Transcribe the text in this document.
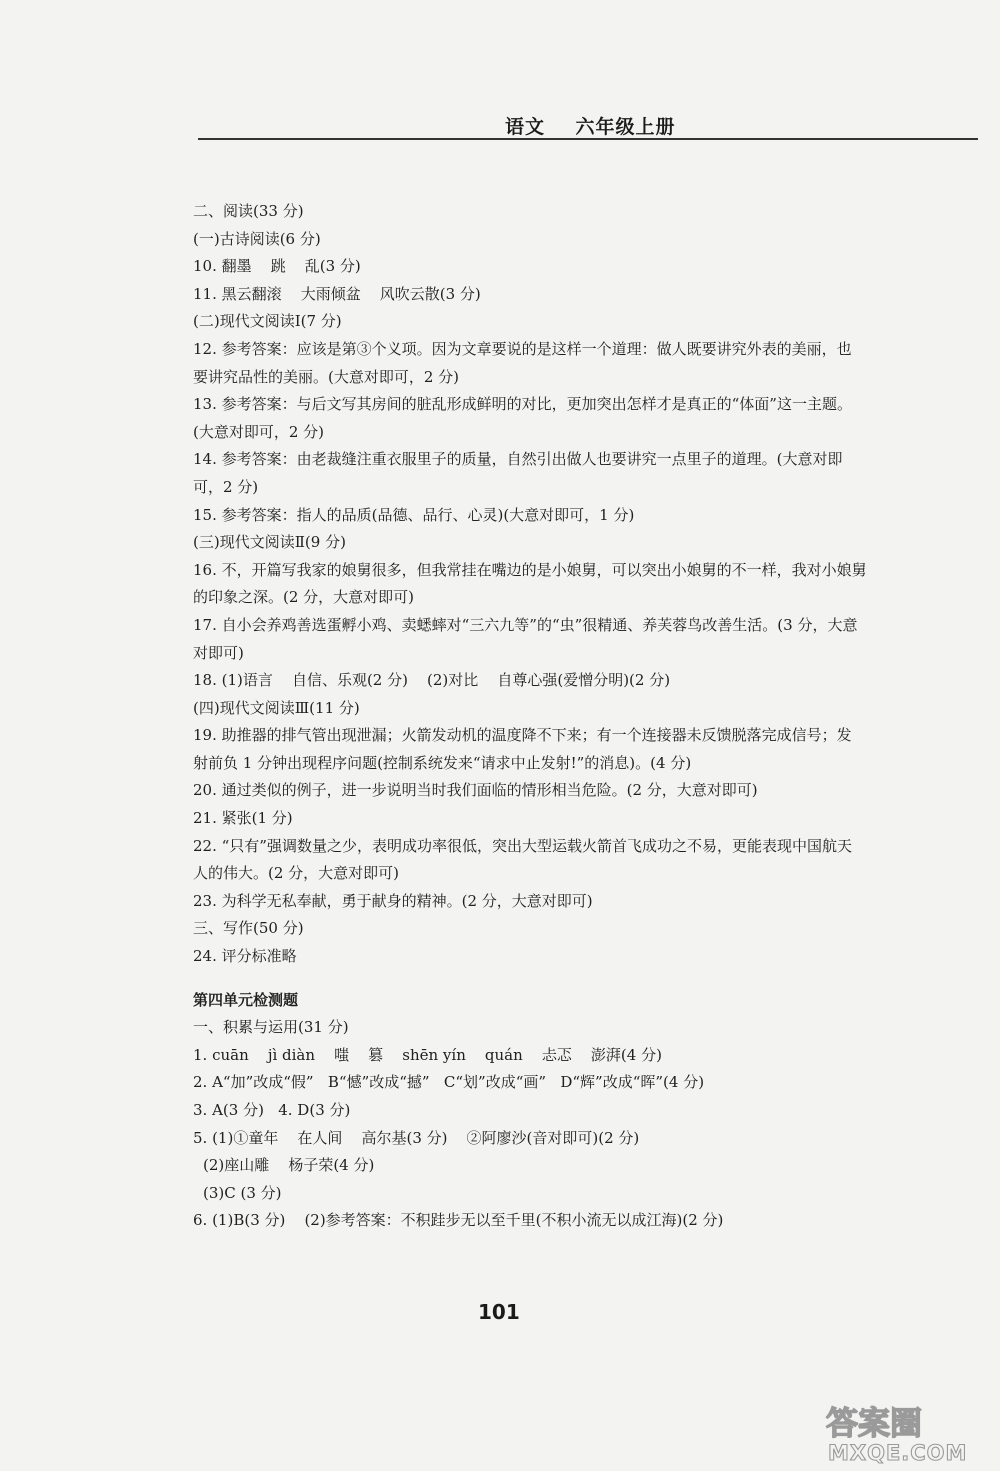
语文    六年级上册
二、阅读(33 分)
(一)古诗阅读(6 分)
10. 翻墨    跳    乱(3 分)
11. 黑云翻滚    大雨倾盆    风吹云散(3 分)
(二)现代文阅读Ⅰ(7 分)
12. 参考答案：应该是第③个义项。因为文章要说的是这样一个道理：做人既要讲究外表的美丽，也
要讲究品性的美丽。(大意对即可，2 分)
13. 参考答案：与后文写其房间的脏乱形成鲜明的对比，更加突出怎样才是真正的“体面”这一主题。
(大意对即可，2 分)
14. 参考答案：由老裁缝注重衣服里子的质量，自然引出做人也要讲究一点里子的道理。(大意对即
可，2 分)
15. 参考答案：指人的品质(品德、品行、心灵)(大意对即可，1 分)
(三)现代文阅读Ⅱ(9 分)
16. 不，开篇写我家的娘舅很多，但我常挂在嘴边的是小娘舅，可以突出小娘舅的不一样，我对小娘舅
的印象之深。(2 分，大意对即可)
17. 自小会养鸡善选蛋孵小鸡、卖蟋蟀对“三六九等”的“虫”很精通、养芙蓉鸟改善生活。(3 分，大意
对即可)
18. (1)语言    自信、乐观(2 分)    (2)对比    自尊心强(爱憎分明)(2 分)
(四)现代文阅读Ⅲ(11 分)
19. 助推器的排气管出现泄漏；火箭发动机的温度降不下来；有一个连接器未反馈脱落完成信号；发
射前负 1 分钟出现程序问题(控制系统发来“请求中止发射!”的消息)。(4 分)
20. 通过类似的例子，进一步说明当时我们面临的情形相当危险。(2 分，大意对即可)
21. 紧张(1 分)
22. “只有”强调数量之少，表明成功率很低，突出大型运载火箭首飞成功之不易，更能表现中国航天
人的伟大。(2 分，大意对即可)
23. 为科学无私奉献，勇于献身的精神。(2 分，大意对即可)
三、写作(50 分)
24. 评分标准略
第四单元检测题
一、积累与运用(31 分)
1. cuān    jì diàn    嗤    篡    shēn yín    quán    忐忑    澎湃(4 分)
2. A“加”改成“假”   B“憾”改成“撼”   C“划”改成“画”   D“辉”改成“晖”(4 分)
3. A(3 分)   4. D(3 分)
5. (1)①童年    在人间    高尔基(3 分)    ②阿廖沙(音对即可)(2 分)
(2)座山雕    杨子荣(4 分)
(3)C (3 分)
6. (1)B(3 分)    (2)参考答案：不积跬步无以至千里(不积小流无以成江海)(2 分)
101
答案圈
MXQE.COM
